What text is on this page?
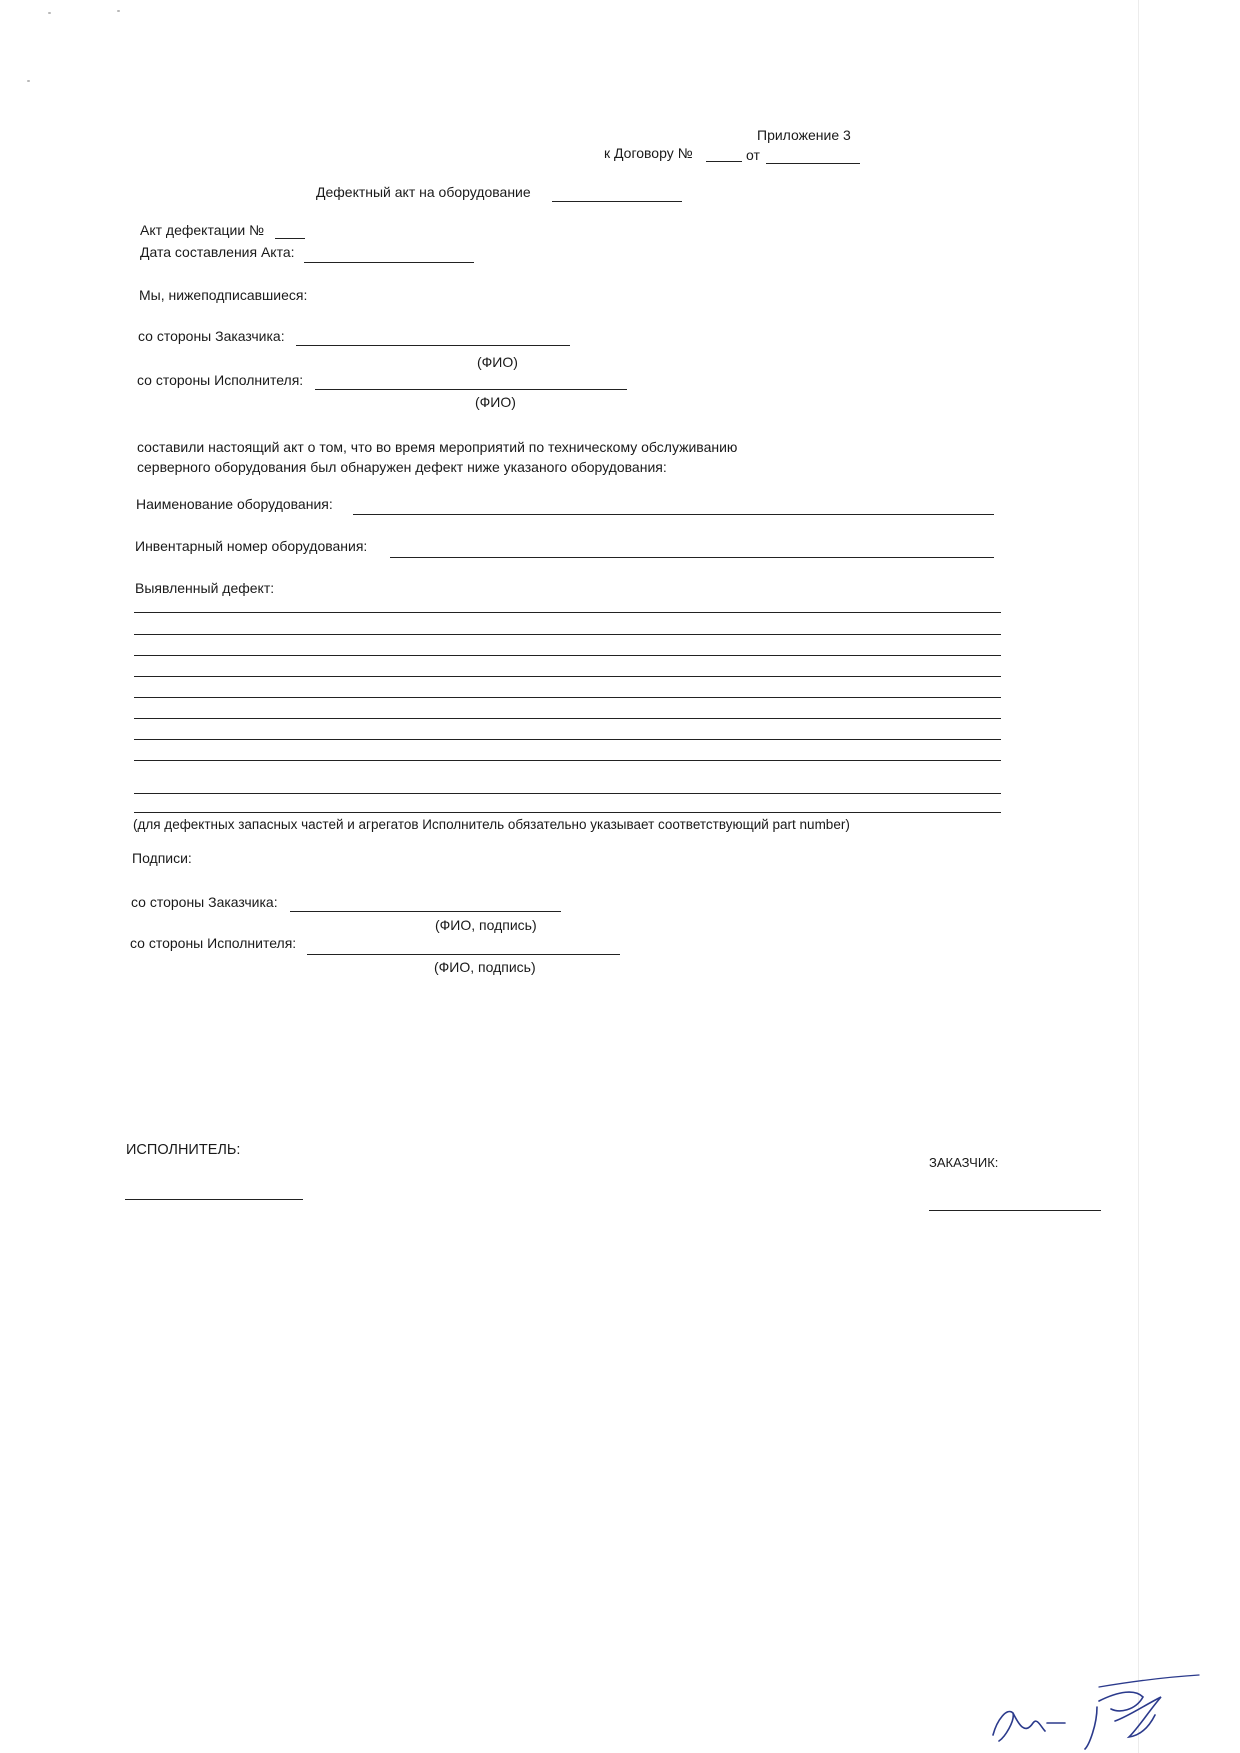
Приложение 3
к Договору №	от
Дефектный акт на оборудование
Акт дефектации №
Дата составления Акта:
Мы, нижеподписавшиеся:
со стороны Заказчика:
(ФИО)
со стороны Исполнителя:
(ФИО)
составили настоящий акт о том, что во время мероприятий по техническому обслуживанию
серверного оборудования был обнаружен дефект ниже указаного оборудования:
Наименование оборудования:
Инвентарный номер оборудования:
Выявленный дефект:
(для дефектных запасных частей и агрегатов Исполнитель обязательно указывает соответствующий part number)
Подписи:
со стороны Заказчика:
(ФИО, подпись)
со стороны Исполнителя:
(ФИО, подпись)
ИСПОЛНИТЕЛЬ:
ЗАКАЗЧИК:
